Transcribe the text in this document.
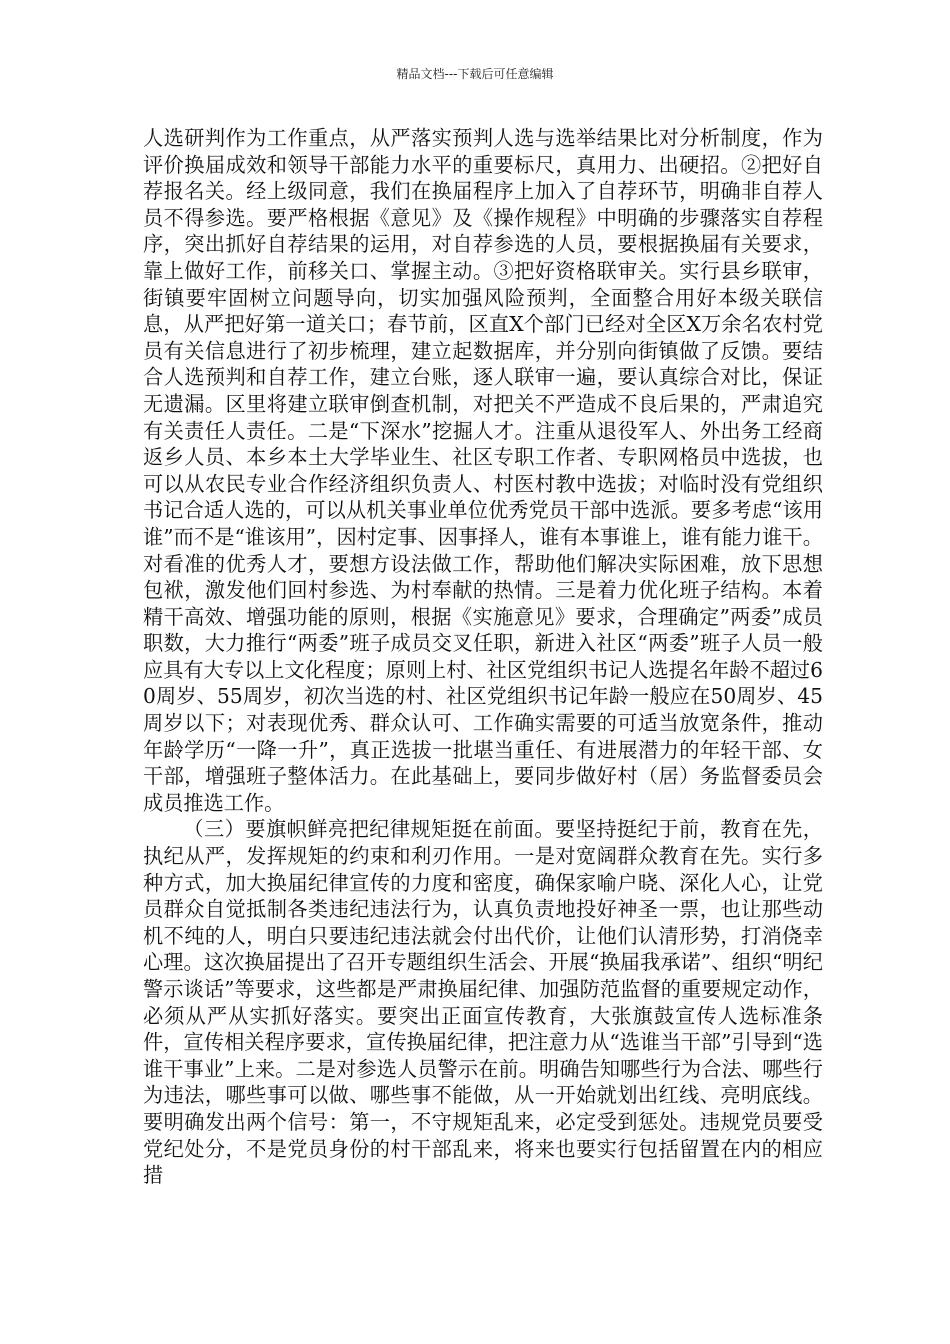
精品文档---下载后可任意编辑

人选研判作为工作重点，从严落实预判人选与选举结果比对分析制度，作为评价换届成效和领导干部能力水平的重要标尺，真用力、出硬招。②把好自荐报名关。经上级同意，我们在换届程序上加入了自荐环节，明确非自荐人员不得参选。要严格根据《意见》及《操作规程》中明确的步骤落实自荐程序，突出抓好自荐结果的运用，对自荐参选的人员，要根据换届有关要求，靠上做好工作，前移关口、掌握主动。③把好资格联审关。实行县乡联审，街镇要牢固树立问题导向，切实加强风险预判，全面整合用好本级关联信息，从严把好第一道关口；春节前，区直X个部门已经对全区X万余名农村党员有关信息进行了初步梳理，建立起数据库，并分别向街镇做了反馈。要结合人选预判和自荐工作，建立台账，逐人联审一遍，要认真综合对比，保证无遗漏。区里将建立联审倒查机制，对把关不严造成不良后果的，严肃追究有关责任人责任。二是“下深水”挖掘人才。注重从退役军人、外出务工经商返乡人员、本乡本土大学毕业生、社区专职工作者、专职网格员中选拔，也可以从农民专业合作经济组织负责人、村医村教中选拔；对临时没有党组织书记合适人选的，可以从机关事业单位优秀党员干部中选派。要多考虑“该用谁”而不是“谁该用”，因村定事、因事择人，谁有本事谁上，谁有能力谁干。对看准的优秀人才，要想方设法做工作，帮助他们解决实际困难，放下思想包袱，激发他们回村参选、为村奉献的热情。三是着力优化班子结构。本着精干高效、增强功能的原则，根据《实施意见》要求，合理确定”两委”成员职数，大力推行“两委”班子成员交叉任职，新进入社区“两委”班子人员一般应具有大专以上文化程度；原则上村、社区党组织书记人选提名年龄不超过60周岁、55周岁，初次当选的村、社区党组织书记年龄一般应在50周岁、45周岁以下；对表现优秀、群众认可、工作确实需要的可适当放宽条件，推动年龄学历“一降一升”，真正选拔一批堪当重任、有进展潜力的年轻干部、女干部，增强班子整体活力。在此基础上，要同步做好村（居）务监督委员会成员推选工作。

（三）要旗帜鲜亮把纪律规矩挺在前面。要坚持挺纪于前，教育在先，执纪从严，发挥规矩的约束和利刃作用。一是对宽阔群众教育在先。实行多种方式，加大换届纪律宣传的力度和密度，确保家喻户晓、深化人心，让党员群众自觉抵制各类违纪违法行为，认真负责地投好神圣一票，也让那些动机不纯的人，明白只要违纪违法就会付出代价，让他们认清形势，打消侥幸心理。这次换届提出了召开专题组织生活会、开展“换届我承诺”、组织“明纪警示谈话”等要求，这些都是严肃换届纪律、加强防范监督的重要规定动作，必须从严从实抓好落实。要突出正面宣传教育，大张旗鼓宣传人选标准条件，宣传相关程序要求，宣传换届纪律，把注意力从“选谁当干部”引导到“选谁干事业”上来。二是对参选人员警示在前。明确告知哪些行为合法、哪些行为违法，哪些事可以做、哪些事不能做，从一开始就划出红线、亮明底线。要明确发出两个信号：第一，不守规矩乱来，必定受到惩处。违规党员要受党纪处分，不是党员身份的村干部乱来，将来也要实行包括留置在内的相应措
